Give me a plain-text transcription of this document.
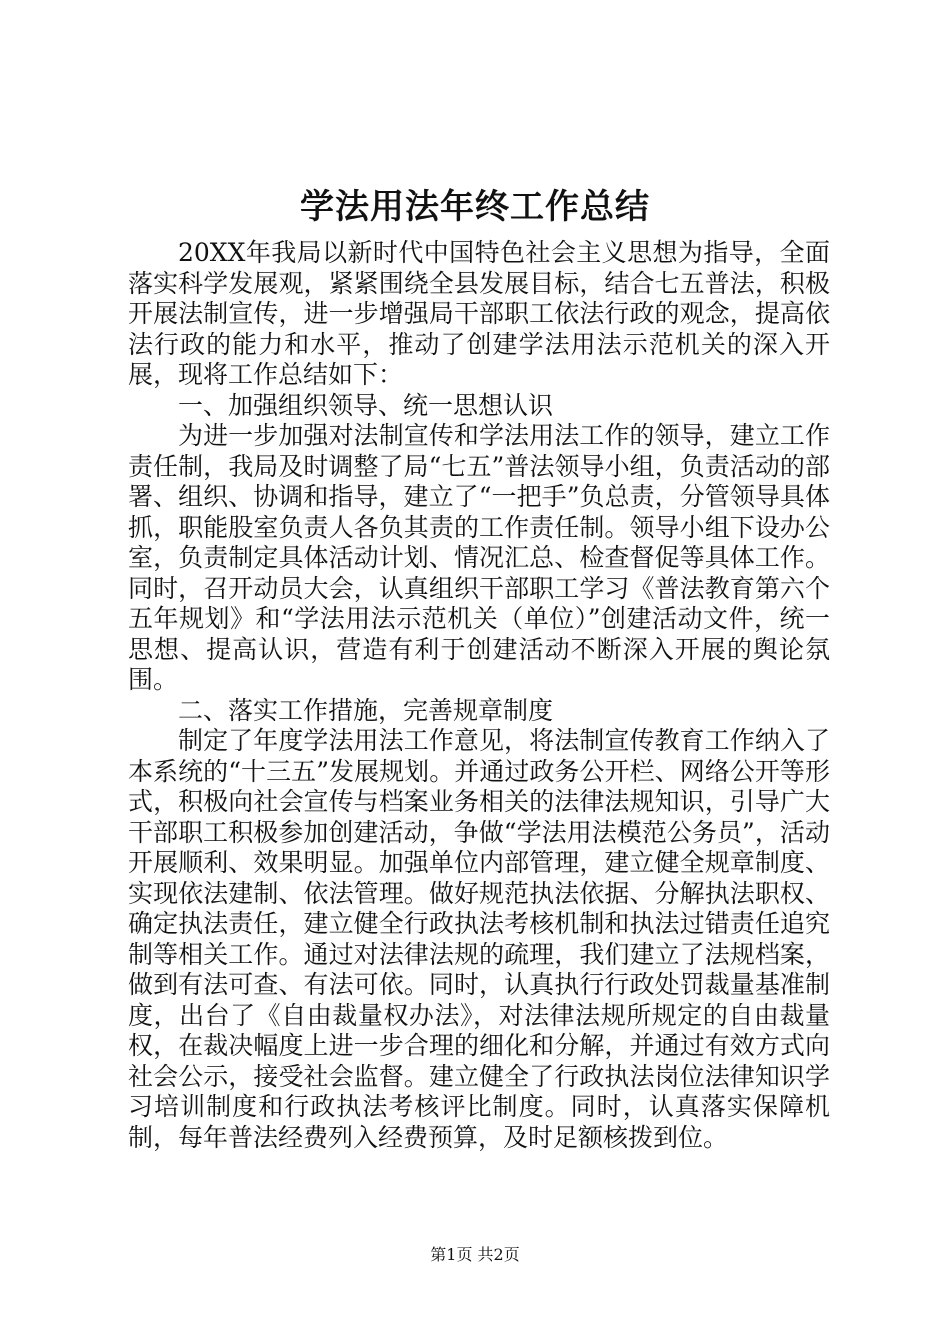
学法用法年终工作总结

20XX年我局以新时代中国特色社会主义思想为指导，全面落实科学发展观，紧紧围绕全县发展目标，结合七五普法，积极开展法制宣传，进一步增强局干部职工依法行政的观念，提高依法行政的能力和水平，推动了创建学法用法示范机关的深入开展，现将工作总结如下：

一、加强组织领导、统一思想认识

为进一步加强对法制宣传和学法用法工作的领导，建立工作责任制，我局及时调整了局“七五”普法领导小组，负责活动的部署、组织、协调和指导，建立了“一把手”负总责，分管领导具体抓，职能股室负责人各负其责的工作责任制。领导小组下设办公室，负责制定具体活动计划、情况汇总、检查督促等具体工作。同时，召开动员大会，认真组织干部职工学习《普法教育第六个五年规划》和“学法用法示范机关（单位）”创建活动文件，统一思想、提高认识，营造有利于创建活动不断深入开展的舆论氛围。

二、落实工作措施，完善规章制度

制定了年度学法用法工作意见，将法制宣传教育工作纳入了本系统的“十三五”发展规划。并通过政务公开栏、网络公开等形式，积极向社会宣传与档案业务相关的法律法规知识，引导广大干部职工积极参加创建活动，争做“学法用法模范公务员”，活动开展顺利、效果明显。加强单位内部管理，建立健全规章制度、实现依法建制、依法管理。做好规范执法依据、分解执法职权、确定执法责任，建立健全行政执法考核机制和执法过错责任追究制等相关工作。通过对法律法规的疏理，我们建立了法规档案，做到有法可查、有法可依。同时，认真执行行政处罚裁量基准制度，出台了《自由裁量权办法》，对法律法规所规定的自由裁量权，在裁决幅度上进一步合理的细化和分解，并通过有效方式向社会公示，接受社会监督。建立健全了行政执法岗位法律知识学习培训制度和行政执法考核评比制度。同时，认真落实保障机制，每年普法经费列入经费预算，及时足额核拨到位。

第1页 共2页
